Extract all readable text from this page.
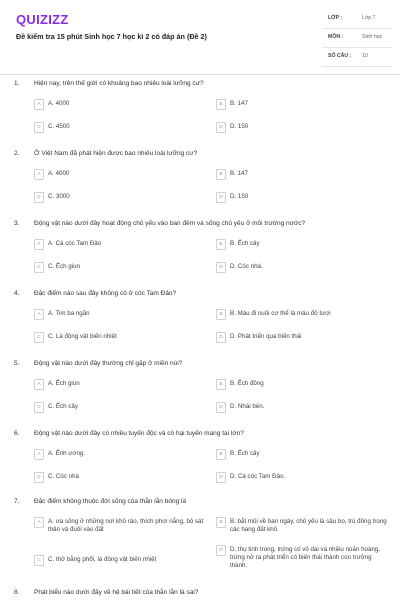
QUIZIZZ
Đề kiểm tra 15 phút Sinh học 7 học kì 2 có đáp án (Đề 2)
LỚP :	Lớp 7
MÔN :	Sinh học
SỐ CÂU : 10
1. Hiện nay, trên thế giới có khoảng bao nhiêu loài lưỡng cư?
A	A. 4000	B	B. 147
C	C. 4500	D	D. 150
2. Ở Việt Nam đã phát hiện được bao nhiêu loài lưỡng cư?
A	A. 4000	B	B. 147
C	C. 3000	D	D. 150
3. Động vật nào dưới đây hoạt động chủ yếu vào ban đêm và sống chủ yếu ở môi trường nước?
A	A. Cá cóc Tam Đảo	B	B. Ếch cây
C	C. Ếch giun	D	D. Cóc nhà.
4. Đặc điểm nào sau đây không có ở cóc Tam Đảo?
A	A. Tim ba ngăn	B	B. Máu đi nuôi cơ thể là máu đỏ tươi
C	C. Là động vật biến nhiệt	D	D. Phát triển qua biến thái
5. Động vật nào dưới đây thường chỉ gặp ở miền núi?
A	A. Ếch giun	B	B. Ếch đồng
C	C. Ếch cây	D	D. Nhái bén.
6. Động vật nào dưới đây có nhiều tuyến độc và có hại tuyến mang tai lớn?
A	A. Ếnh ương.	B	B. Ếch cây
C	C. Cóc nhà	D	D. Cá cóc Tam Đảo.
7. Đặc điểm không thuộc đời sống của thằn lằn bóng là
A	A. ưa sống ở những nơi khô ráo, thích phơi nắng, bò sát thân và đuôi vào đất
B	B. bắt mồi về ban ngày, chủ yếu là sâu bọ, trú đông trong các hang đất khô.
C	C. thở bằng phổi, là động vật biến nhiệt
D	D. thụ tinh trong, trứng có vỏ dai và nhiều noãn hoàng, trứng nở ra phát triển có biến thái thành con trưởng thành.
8. Phát biểu nào dưới đây về hệ bài tiết của thằn lằn là sai?
